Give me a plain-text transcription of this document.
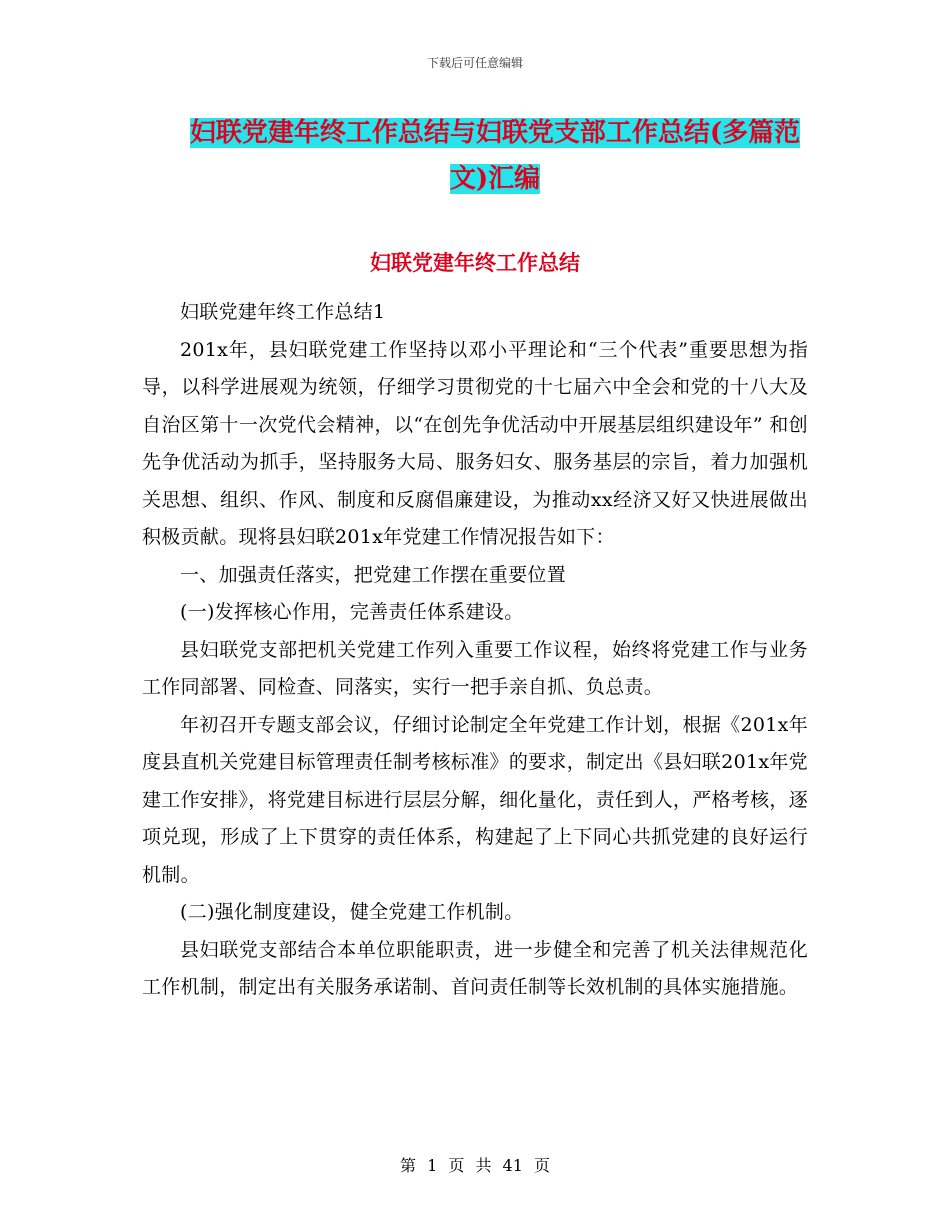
下载后可任意编辑
妇联党建年终工作总结与妇联党支部工作总结(多篇范文)汇编
妇联党建年终工作总结

妇联党建年终工作总结1

201x年，县妇联党建工作坚持以邓小平理论和“三个代表”重要思想为指导，以科学进展观为统领，仔细学习贯彻党的十七届六中全会和党的十八大及自治区第十一次党代会精神，以“在创先争优活动中开展基层组织建设年” 和创先争优活动为抓手，坚持服务大局、服务妇女、服务基层的宗旨，着力加强机关思想、组织、作风、制度和反腐倡廉建设，为推动xx经济又好又快进展做出积极贡献。现将县妇联201x年党建工作情况报告如下：

一、加强责任落实，把党建工作摆在重要位置

(一)发挥核心作用，完善责任体系建设。

县妇联党支部把机关党建工作列入重要工作议程，始终将党建工作与业务工作同部署、同检查、同落实，实行一把手亲自抓、负总责。

年初召开专题支部会议，仔细讨论制定全年党建工作计划，根据《201x年度县直机关党建目标管理责任制考核标准》的要求，制定出《县妇联201x年党建工作安排》，将党建目标进行层层分解，细化量化，责任到人，严格考核，逐项兑现，形成了上下贯穿的责任体系，构建起了上下同心共抓党建的良好运行机制。

(二)强化制度建设，健全党建工作机制。

县妇联党支部结合本单位职能职责，进一步健全和完善了机关法律规范化工作机制，制定出有关服务承诺制、首问责任制等长效机制的具体实施措施。

第 1 页 共 41 页
